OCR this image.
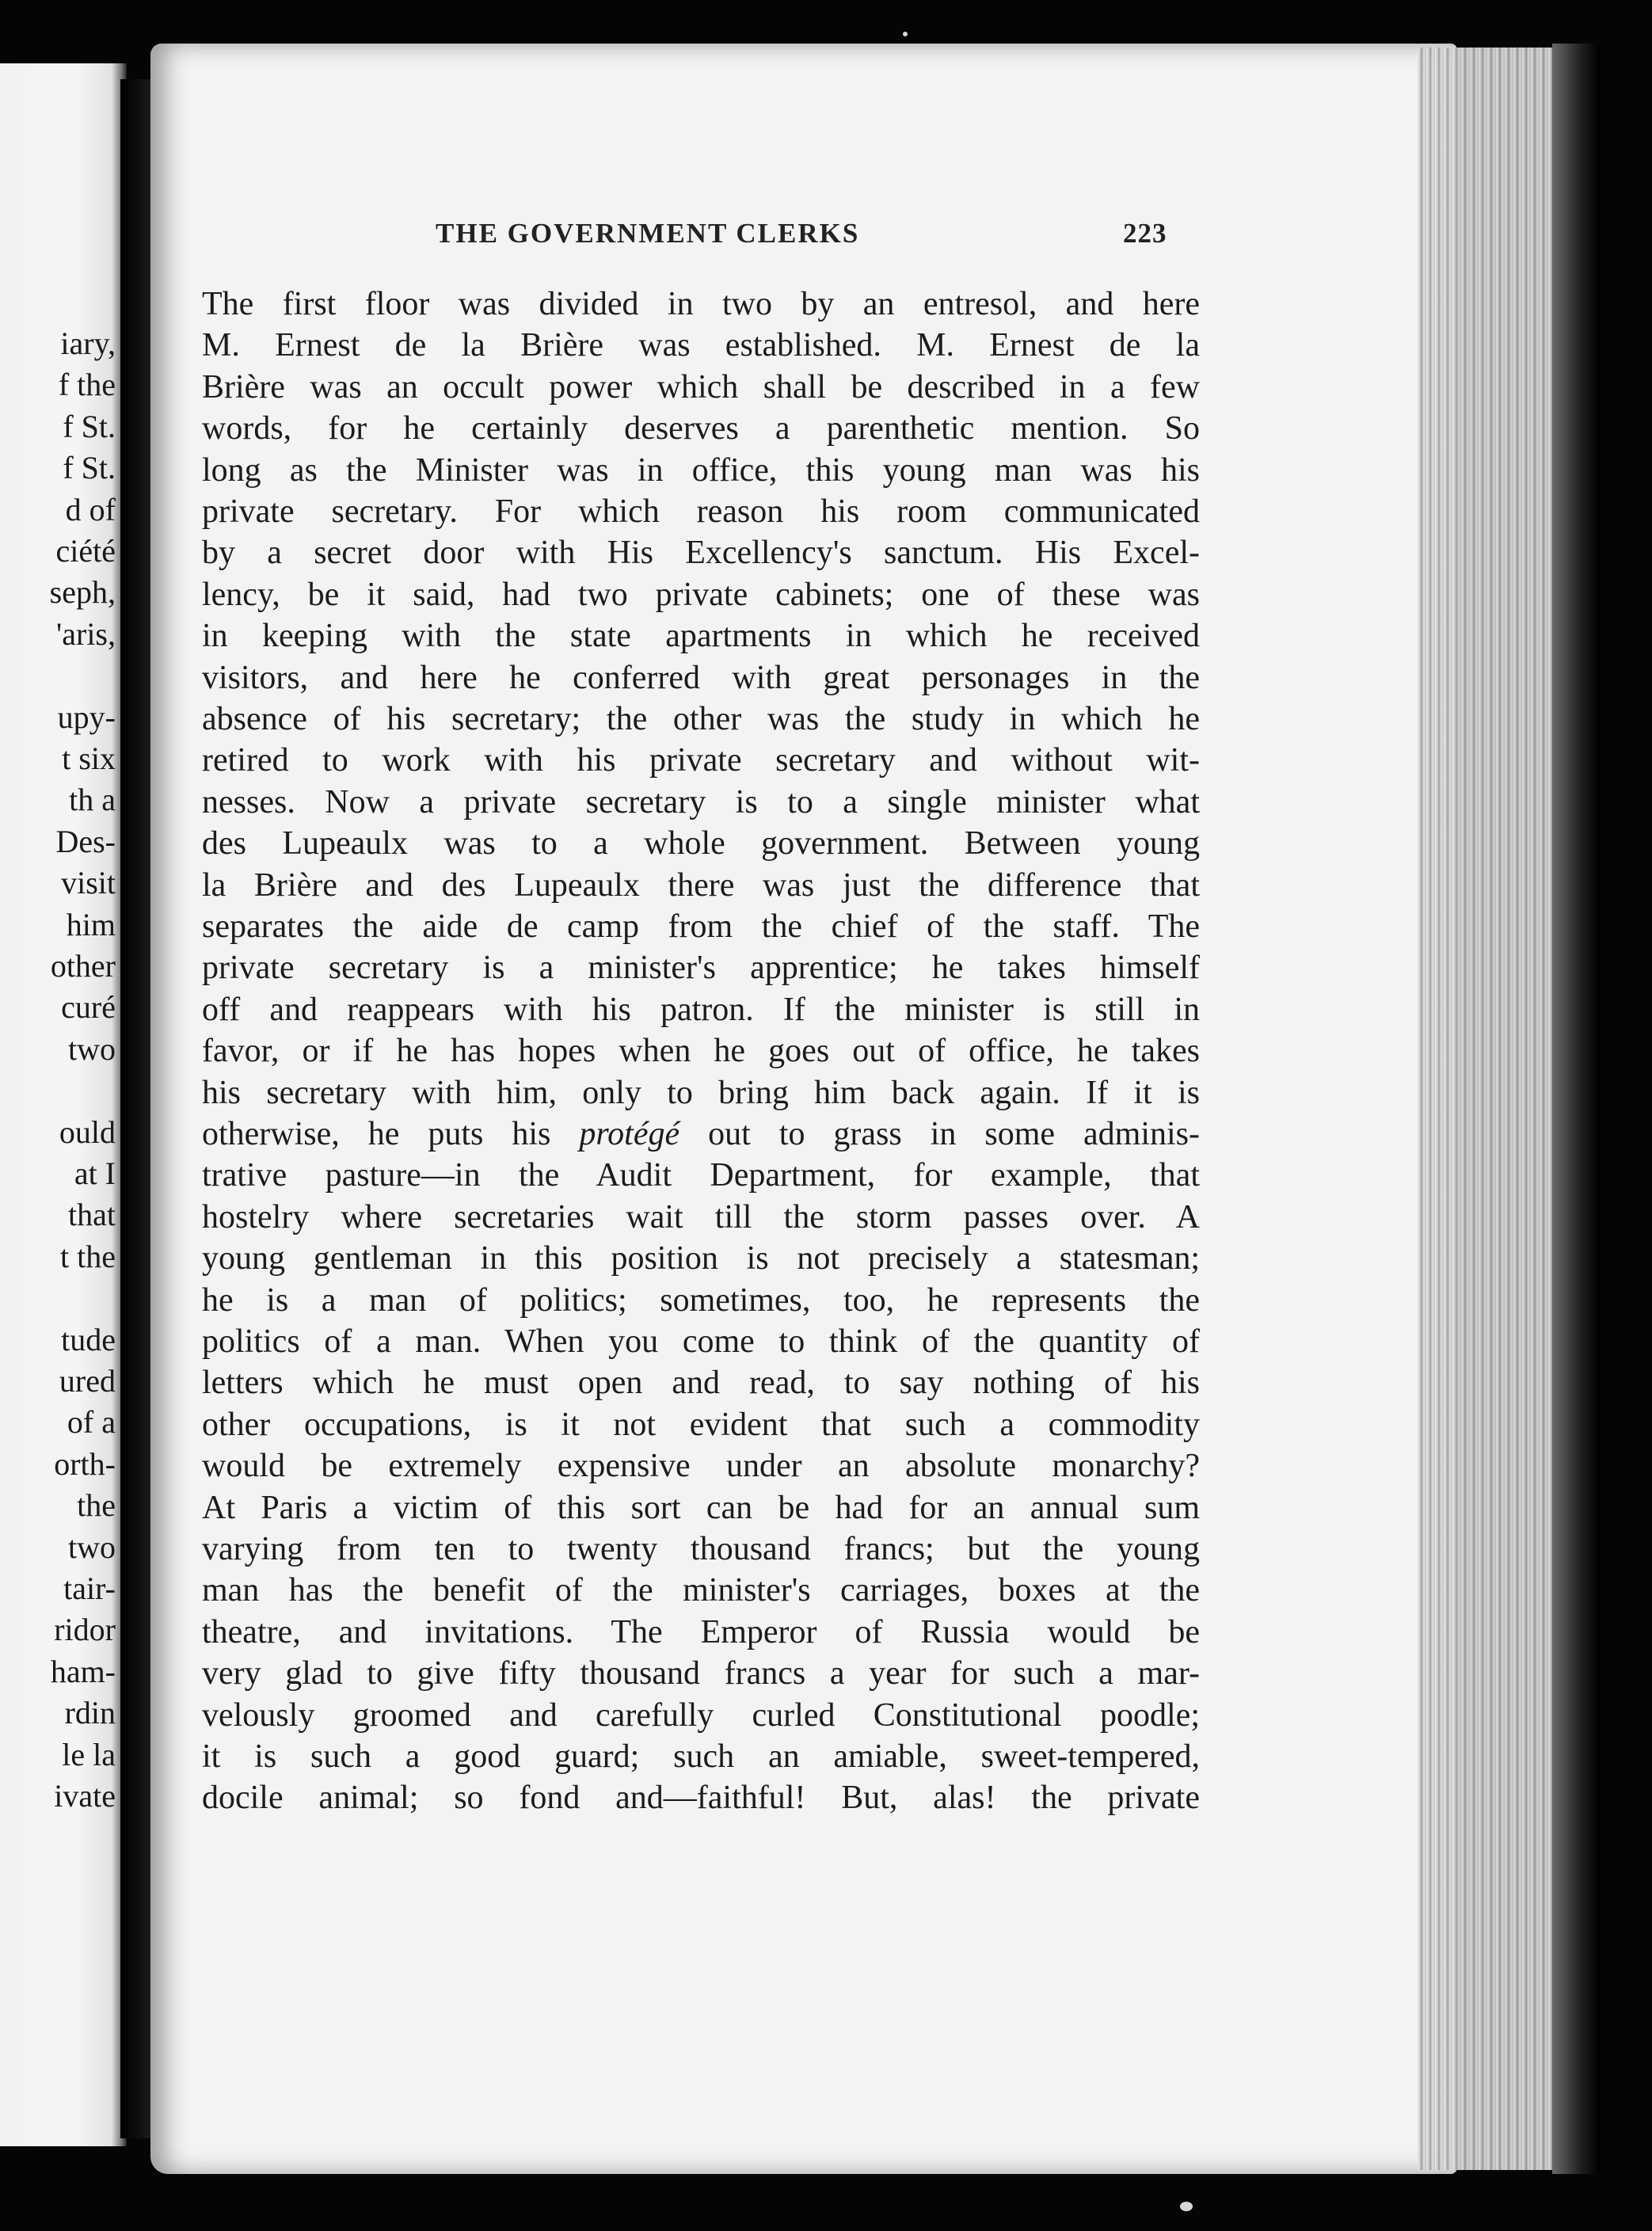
iary,
f the
f St.
f St.
d of
ciété
seph,
'aris,
upy-
t six
th a
Des-
visit
him
other
curé
two
ould
at I
that
t the
tude
ured
of a
orth-
the
two
tair-
ridor
ham-
rdin
le la
ivate
THE GOVERNMENT CLERKS	223
The first floor was divided in two by an entresol, and here
M. Ernest de la Brière was established. M. Ernest de la
Brière was an occult power which shall be described in a few
words, for he certainly deserves a parenthetic mention. So
long as the Minister was in office, this young man was his
private secretary. For which reason his room communicated
by a secret door with His Excellency's sanctum. His Excel-
lency, be it said, had two private cabinets; one of these was
in keeping with the state apartments in which he received
visitors, and here he conferred with great personages in the
absence of his secretary; the other was the study in which he
retired to work with his private secretary and without wit-
nesses. Now a private secretary is to a single minister what
des Lupeaulx was to a whole government. Between young
la Brière and des Lupeaulx there was just the difference that
separates the aide de camp from the chief of the staff. The
private secretary is a minister's apprentice; he takes himself
off and reappears with his patron. If the minister is still in
favor, or if he has hopes when he goes out of office, he takes
his secretary with him, only to bring him back again. If it is
otherwise, he puts his protégé out to grass in some adminis-
trative pasture—in the Audit Department, for example, that
hostelry where secretaries wait till the storm passes over. A
young gentleman in this position is not precisely a statesman;
he is a man of politics; sometimes, too, he represents the
politics of a man. When you come to think of the quantity of
letters which he must open and read, to say nothing of his
other occupations, is it not evident that such a commodity
would be extremely expensive under an absolute monarchy?
At Paris a victim of this sort can be had for an annual sum
varying from ten to twenty thousand francs; but the young
man has the benefit of the minister's carriages, boxes at the
theatre, and invitations. The Emperor of Russia would be
very glad to give fifty thousand francs a year for such a mar-
velously groomed and carefully curled Constitutional poodle;
it is such a good guard; such an amiable, sweet-tempered,
docile animal; so fond and—faithful! But, alas! the private
